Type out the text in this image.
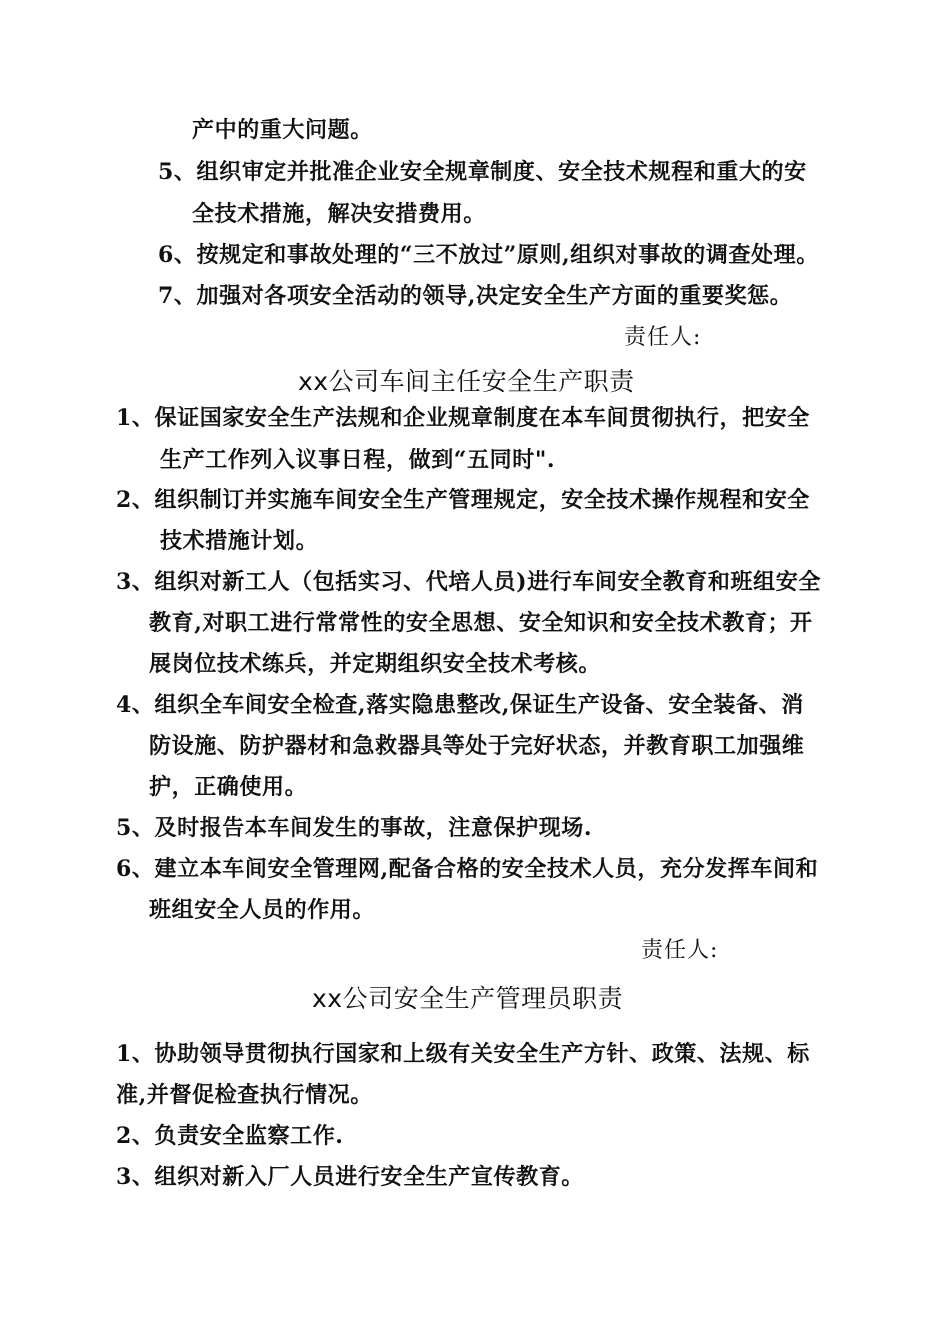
产中的重大问题。
5、组织审定并批准企业安全规章制度、安全技术规程和重大的安
全技术措施，解决安措费用。
6、按规定和事故处理的“三不放过”原则,组织对事故的调查处理。
7、加强对各项安全活动的领导,决定安全生产方面的重要奖惩。
责任人:
xx公司车间主任安全生产职责
1、保证国家安全生产法规和企业规章制度在本车间贯彻执行，把安全
生产工作列入议事日程，做到“五同时".
2、组织制订并实施车间安全生产管理规定，安全技术操作规程和安全
技术措施计划。
3、组织对新工人（包括实习、代培人员)进行车间安全教育和班组安全
教育,对职工进行常常性的安全思想、安全知识和安全技术教育；开
展岗位技术练兵，并定期组织安全技术考核。
4、组织全车间安全检查,落实隐患整改,保证生产设备、安全装备、消
防设施、防护器材和急救器具等处于完好状态，并教育职工加强维
护，正确使用。
5、及时报告本车间发生的事故，注意保护现场.
6、建立本车间安全管理网,配备合格的安全技术人员，充分发挥车间和
班组安全人员的作用。
责任人:
xx公司安全生产管理员职责
1、协助领导贯彻执行国家和上级有关安全生产方针、政策、法规、标
准,并督促检查执行情况。
2、负责安全监察工作.
3、组织对新入厂人员进行安全生产宣传教育。
